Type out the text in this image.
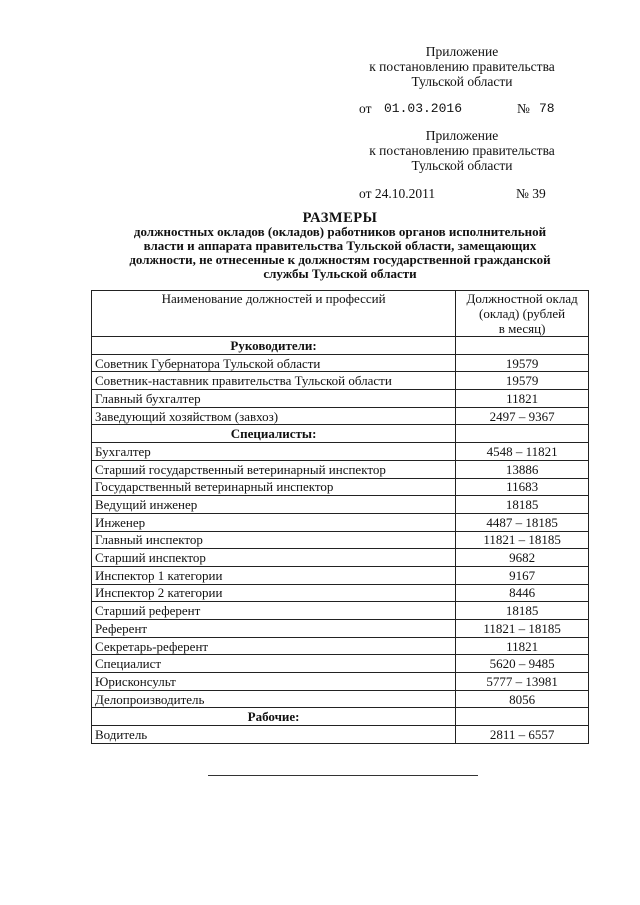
Приложение
к постановлению правительства
Тульской области
от 01.03.2016	№ 78
Приложение
к постановлению правительства
Тульской области
от 24.10.2011	№ 39
РАЗМЕРЫ
должностных окладов (окладов) работников органов исполнительной
власти и аппарата правительства Тульской области, замещающих
должности, не отнесенные к должностям государственной гражданской
службы Тульской области
Наименование должностей и профессий	Должностной оклад
(оклад) (рублей
в месяц)

Руководители:	
Советник Губернатора Тульской области	19579
Советник-наставник правительства Тульской области	19579
Главный бухгалтер	11821
Заведующий хозяйством (завхоз)	2497 – 9367
Специалисты:	
Бухгалтер	4548 – 11821
Старший государственный ветеринарный инспектор	13886
Государственный ветеринарный инспектор	11683
Ведущий инженер	18185
Инженер	4487 – 18185
Главный инспектор	11821 – 18185
Старший инспектор	9682
Инспектор 1 категории	9167
Инспектор 2 категории	8446
Старший референт	18185
Референт	11821 – 18185
Секретарь-референт	11821
Специалист	5620 – 9485
Юрисконсульт	5777 – 13981
Делопроизводитель	8056
Рабочие:	
Водитель	2811 – 6557
